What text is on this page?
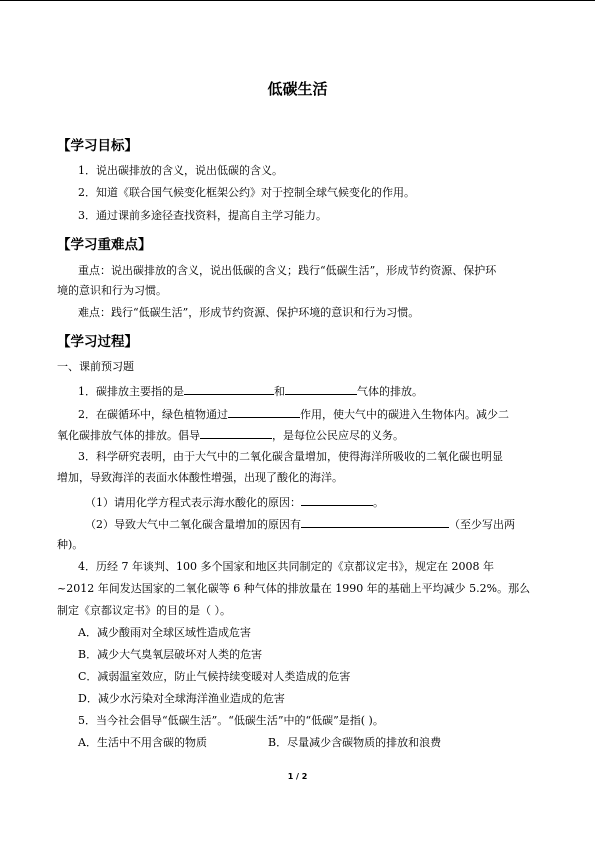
低碳生活
【学习目标】
1．说出碳排放的含义，说出低碳的含义。
2．知道《联合国气候变化框架公约》对于控制全球气候变化的作用。
3．通过课前多途径查找资料，提高自主学习能力。
【学习重难点】
重点：说出碳排放的含义，说出低碳的含义；践行“低碳生活”，形成节约资源、保护环
境的意识和行为习惯。
难点：践行“低碳生活”，形成节约资源、保护环境的意识和行为习惯。
【学习过程】
一、课前预习题
1．碳排放主要指的是	和	气体的排放。
2．在碳循环中，绿色植物通过	作用，使大气中的碳进入生物体内。减少二
氧化碳排放气体的排放。倡导	，是每位公民应尽的义务。
3．科学研究表明，由于大气中的二氧化碳含量增加，使得海洋所吸收的二氧化碳也明显
增加，导致海洋的表面水体酸性增强，出现了酸化的海洋。
（1）请用化学方程式表示海水酸化的原因：	。
（2）导致大气中二氧化碳含量增加的原因有	（至少写出两
种)。
4．历经 7 年谈判、100 多个国家和地区共同制定的《京都议定书》，规定在 2008 年
~2012 年间发达国家的二氧化碳等 6 种气体的排放量在 1990 年的基础上平均减少 5.2%。那么
制定《京都议定书》的目的是（ ）。
A．减少酸雨对全球区域性造成危害
B．减少大气臭氧层破坏对人类的危害
C．减弱温室效应，防止气候持续变暖对人类造成的危害
D．减少水污染对全球海洋渔业造成的危害
5．当今社会倡导“低碳生活”。“低碳生活”中的“低碳”是指( )。
A．生活中不用含碳的物质	B．尽量减少含碳物质的排放和浪费
1 / 2
